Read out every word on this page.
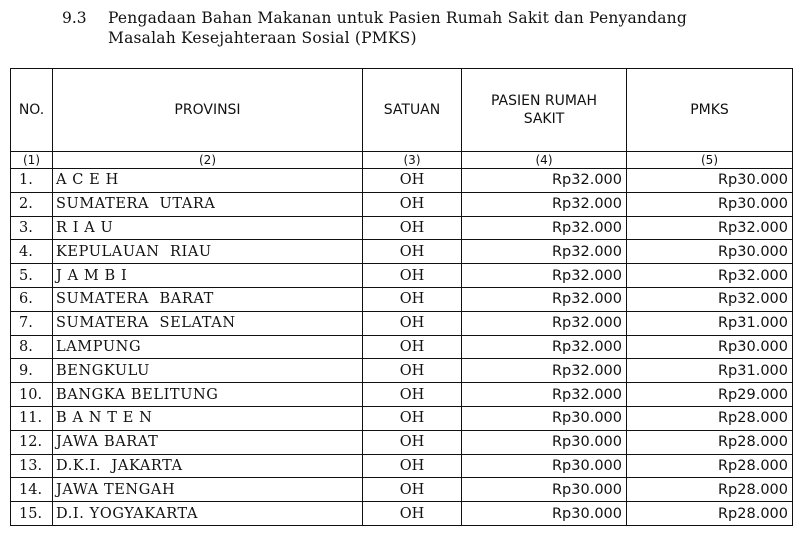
9.3 Pengadaan Bahan Makanan untuk Pasien Rumah Sakit dan Penyandang
Masalah Kesejahteraan Sosial (PMKS)
NO.	PROVINSI	SATUAN	PASIEN RUMAH SAKIT	PMKS
(1)	(2)	(3)	(4)	(5)
1.	A C E H	OH	Rp32.000	Rp30.000
2.	SUMATERA  UTARA	OH	Rp32.000	Rp30.000
3.	R I A U	OH	Rp32.000	Rp32.000
4.	KEPULAUAN  RIAU	OH	Rp32.000	Rp30.000
5.	J A M B I	OH	Rp32.000	Rp32.000
6.	SUMATERA  BARAT	OH	Rp32.000	Rp32.000
7.	SUMATERA  SELATAN	OH	Rp32.000	Rp31.000
8.	LAMPUNG	OH	Rp32.000	Rp30.000
9.	BENGKULU	OH	Rp32.000	Rp31.000
10.	BANGKA BELITUNG	OH	Rp32.000	Rp29.000
11.	B A N T E N	OH	Rp30.000	Rp28.000
12.	JAWA BARAT	OH	Rp30.000	Rp28.000
13.	D.K.I.  JAKARTA	OH	Rp30.000	Rp28.000
14.	JAWA TENGAH	OH	Rp30.000	Rp28.000
15.	D.I. YOGYAKARTA	OH	Rp30.000	Rp28.000
